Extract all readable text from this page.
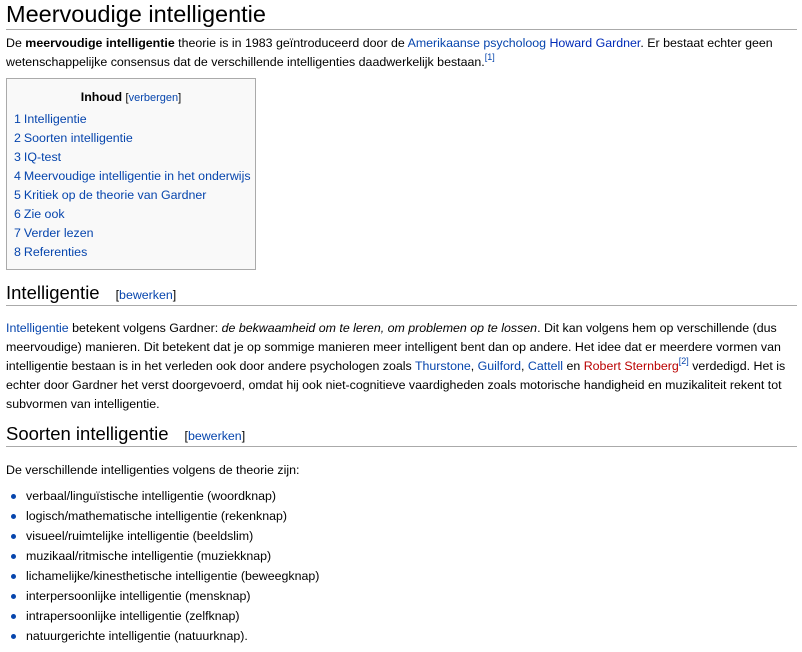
Meervoudige intelligentie

De meervoudige intelligentie theorie is in 1983 geïntroduceerd door de Amerikaanse psycholoog Howard Gardner. Er bestaat echter geen wetenschappelijke consensus dat de verschillende intelligenties daadwerkelijk bestaan.[1]

Inhoud [verbergen]
1 Intelligentie
2 Soorten intelligentie
3 IQ-test
4 Meervoudige intelligentie in het onderwijs
5 Kritiek op de theorie van Gardner
6 Zie ook
7 Verder lezen
8 Referenties
Intelligentie [bewerken]

Intelligentie betekent volgens Gardner: de bekwaamheid om te leren, om problemen op te lossen. Dit kan volgens hem op verschillende (dus meervoudige) manieren. Dit betekent dat je op sommige manieren meer intelligent bent dan op andere. Het idee dat er meerdere vormen van intelligentie bestaan is in het verleden ook door andere psychologen zoals Thurstone, Guilford, Cattell en Robert Sternberg[2] verdedigd. Het is echter door Gardner het verst doorgevoerd, omdat hij ook niet-cognitieve vaardigheden zoals motorische handigheid en muzikaliteit rekent tot subvormen van intelligentie.

Soorten intelligentie [bewerken]

De verschillende intelligenties volgens de theorie zijn:

verbaal/linguïstische intelligentie (woordknap)
logisch/mathematische intelligentie (rekenknap)
visueel/ruimtelijke intelligentie (beeldslim)
muzikaal/ritmische intelligentie (muziekknap)
lichamelijke/kinesthetische intelligentie (beweegknap)
interpersoonlijke intelligentie (mensknap)
intrapersoonlijke intelligentie (zelfknap)
natuurgerichte intelligentie (natuurknap).
